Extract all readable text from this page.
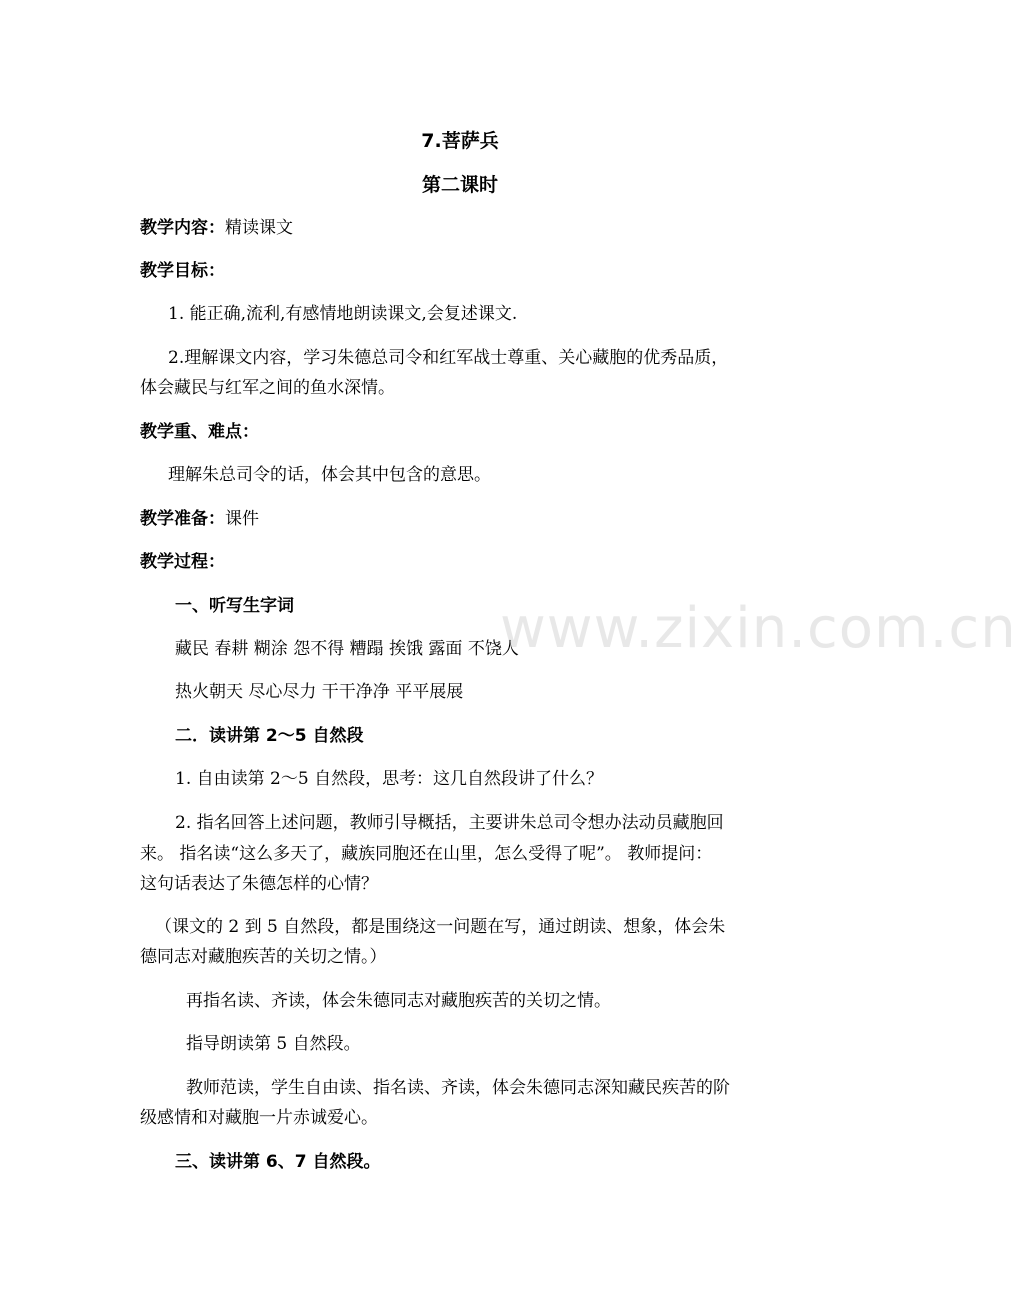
7.菩萨兵
第二课时
教学内容：精读课文
教学目标：
1. 能正确,流利,有感情地朗读课文,会复述课文.
2.理解课文内容，学习朱德总司令和红军战士尊重、关心藏胞的优秀品质，
体会藏民与红军之间的鱼水深情。
教学重、难点：
理解朱总司令的话，体会其中包含的意思。
教学准备：课件
教学过程：
一、听写生字词
藏民 春耕 糊涂 怨不得 糟蹋 挨饿 露面 不饶人
热火朝天 尽心尽力 干干净净 平平展展
二．读讲第 2～5 自然段
1. 自由读第 2～5 自然段，思考：这几自然段讲了什么？
2. 指名回答上述问题，教师引导概括，主要讲朱总司令想办法动员藏胞回
来。 指名读“这么多天了，藏族同胞还在山里，怎么受得了呢”。 教师提问：
这句话表达了朱德怎样的心情？
（课文的 2 到 5 自然段，都是围绕这一问题在写，通过朗读、想象，体会朱
德同志对藏胞疾苦的关切之情。）
再指名读、齐读，体会朱德同志对藏胞疾苦的关切之情。
指导朗读第 5 自然段。
教师范读，学生自由读、指名读、齐读，体会朱德同志深知藏民疾苦的阶
级感情和对藏胞一片赤诚爱心。
三、读讲第 6、7 自然段。
www.zixin.com.cn
